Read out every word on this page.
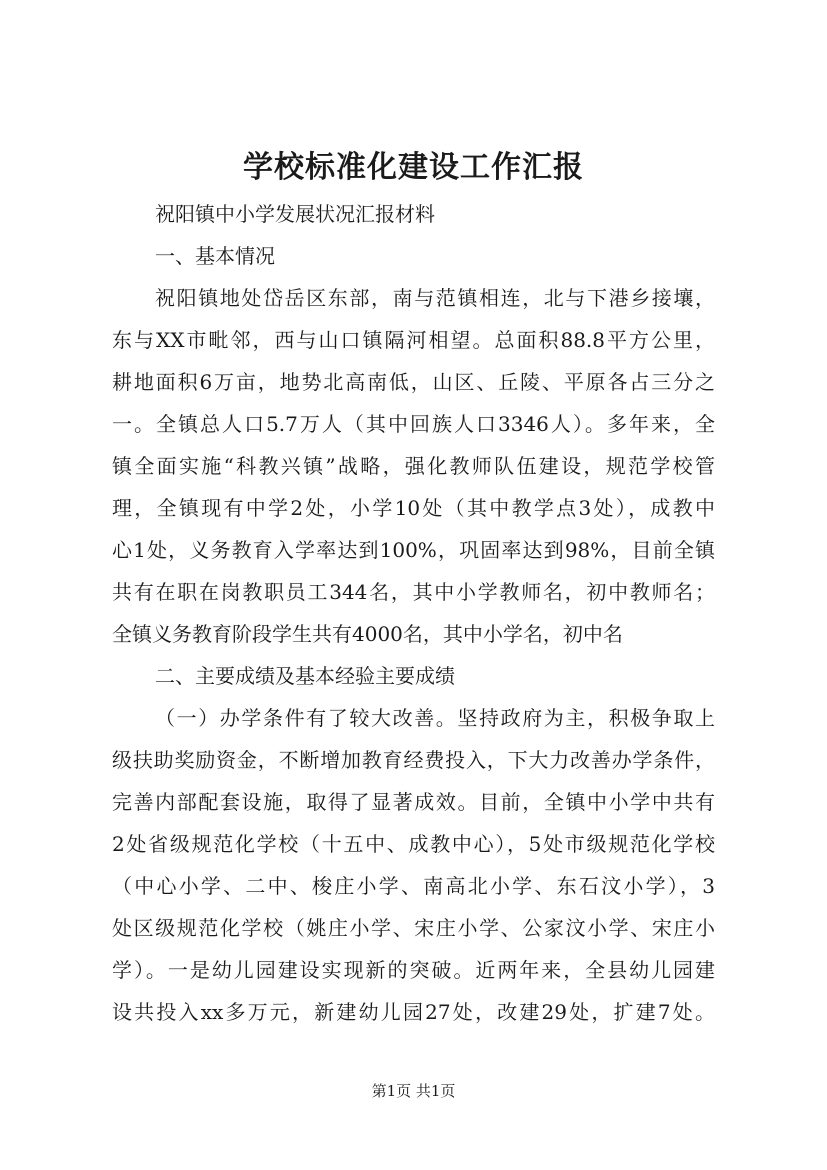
学校标准化建设工作汇报
祝阳镇中小学发展状况汇报材料
一、基本情况
祝阳镇地处岱岳区东部，南与范镇相连，北与下港乡接壤，
东与XX市毗邻，西与山口镇隔河相望。总面积88.8平方公里，
耕地面积6万亩，地势北高南低，山区、丘陵、平原各占三分之
一。全镇总人口5.7万人（其中回族人口3346人）。多年来，全
镇全面实施“科教兴镇”战略，强化教师队伍建设，规范学校管
理，全镇现有中学2处，小学10处（其中教学点3处），成教中
心1处，义务教育入学率达到100%，巩固率达到98%，目前全镇
共有在职在岗教职员工344名，其中小学教师名，初中教师名；
全镇义务教育阶段学生共有4000名，其中小学名，初中名
二、主要成绩及基本经验主要成绩
（一）办学条件有了较大改善。坚持政府为主，积极争取上
级扶助奖励资金，不断增加教育经费投入，下大力改善办学条件，
完善内部配套设施，取得了显著成效。目前，全镇中小学中共有
2处省级规范化学校（十五中、成教中心），5处市级规范化学校
（中心小学、二中、梭庄小学、南高北小学、东石汶小学），3
处区级规范化学校（姚庄小学、宋庄小学、公家汶小学、宋庄小
学）。一是幼儿园建设实现新的突破。近两年来，全县幼儿园建
设共投入xx多万元，新建幼儿园27处，改建29处，扩建7处。
第1页 共1页
